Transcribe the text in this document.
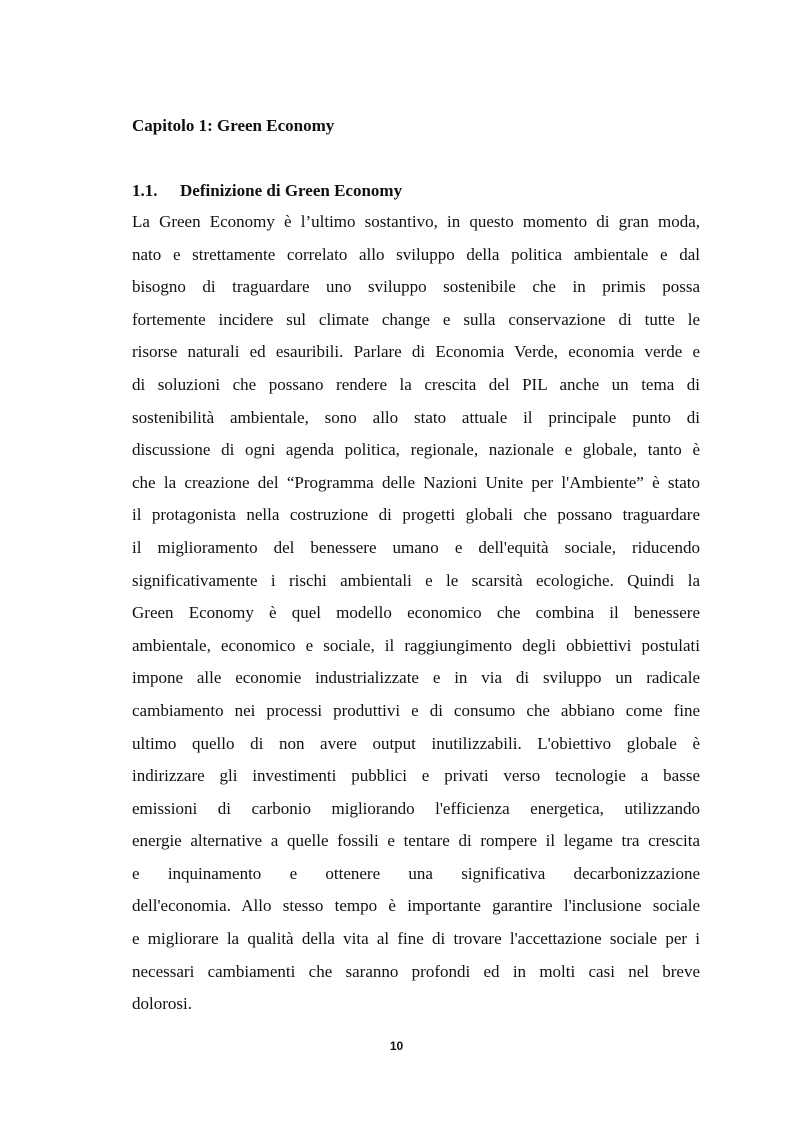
Capitolo 1: Green Economy
1.1. Definizione di Green Economy
La Green Economy è l’ultimo sostantivo, in questo momento di gran moda,
nato e strettamente correlato allo sviluppo della politica ambientale e dal
bisogno di traguardare uno sviluppo sostenibile che in primis possa
fortemente incidere sul climate change e sulla conservazione di tutte le
risorse naturali ed esauribili. Parlare di Economia Verde, economia verde e
di soluzioni che possano rendere la crescita del PIL anche un tema di
sostenibilità ambientale, sono allo stato attuale il principale punto di
discussione di ogni agenda politica, regionale, nazionale e globale, tanto è
che la creazione del “Programma delle Nazioni Unite per l'Ambiente” è stato
il protagonista nella costruzione di progetti globali che possano traguardare
il miglioramento del benessere umano e dell'equità sociale, riducendo
significativamente i rischi ambientali e le scarsità ecologiche. Quindi la
Green Economy è quel modello economico che combina il benessere
ambientale, economico e sociale, il raggiungimento degli obbiettivi postulati
impone alle economie industrializzate e in via di sviluppo un radicale
cambiamento nei processi produttivi e di consumo che abbiano come fine
ultimo quello di non avere output inutilizzabili. L'obiettivo globale è
indirizzare gli investimenti pubblici e privati verso tecnologie a basse
emissioni di carbonio migliorando l'efficienza energetica, utilizzando
energie alternative a quelle fossili e tentare di rompere il legame tra crescita
e inquinamento e ottenere una significativa decarbonizzazione
dell'economia. Allo stesso tempo è importante garantire l'inclusione sociale
e migliorare la qualità della vita al fine di trovare l'accettazione sociale per i
necessari cambiamenti che saranno profondi ed in molti casi nel breve
dolorosi.
10
